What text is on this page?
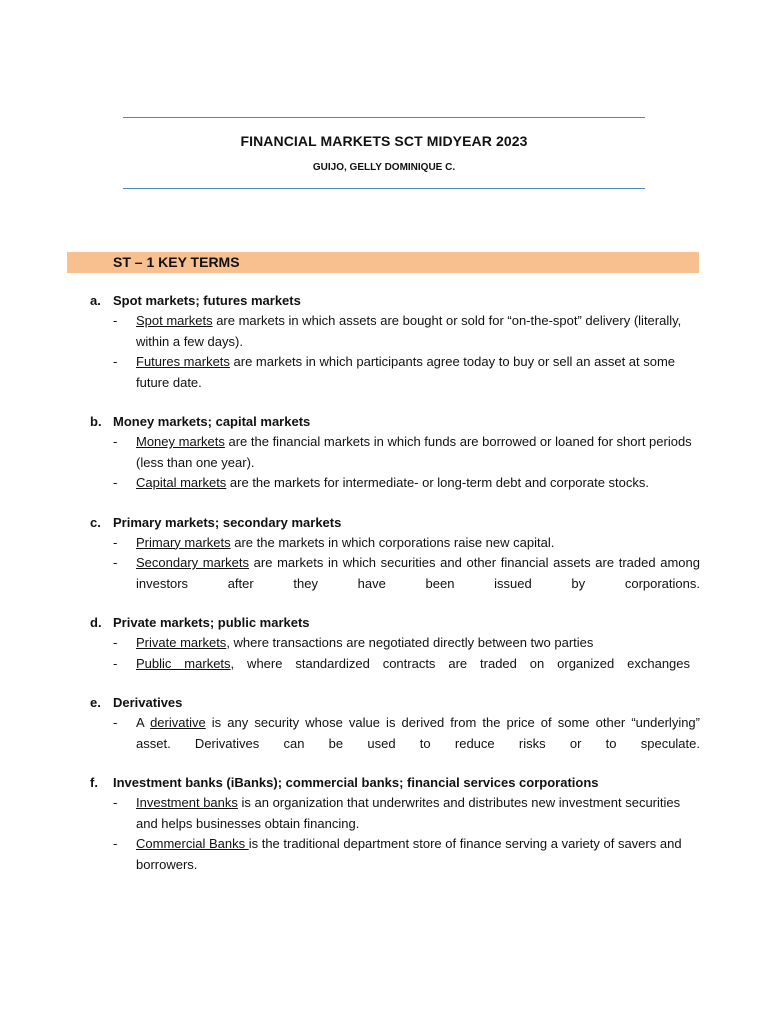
FINANCIAL MARKETS SCT MIDYEAR 2023
GUIJO, GELLY DOMINIQUE C.
ST – 1 KEY TERMS
a. Spot markets; futures markets
- Spot markets are markets in which assets are bought or sold for “on-the-spot” delivery (literally, within a few days).
- Futures markets are markets in which participants agree today to buy or sell an asset at some future date.
b. Money markets; capital markets
- Money markets are the financial markets in which funds are borrowed or loaned for short periods (less than one year).
- Capital markets are the markets for intermediate- or long-term debt and corporate stocks.
c. Primary markets; secondary markets
- Primary markets are the markets in which corporations raise new capital.
- Secondary markets are markets in which securities and other financial assets are traded among investors after they have been issued by corporations.
d. Private markets; public markets
- Private markets, where transactions are negotiated directly between two parties
- Public markets, where standardized contracts are traded on organized exchanges
e. Derivatives
- A derivative is any security whose value is derived from the price of some other “underlying” asset. Derivatives can be used to reduce risks or to speculate.
f. Investment banks (iBanks); commercial banks; financial services corporations
- Investment banks is an organization that underwrites and distributes new investment securities and helps businesses obtain financing.
- Commercial Banks is the traditional department store of finance serving a variety of savers and borrowers.
